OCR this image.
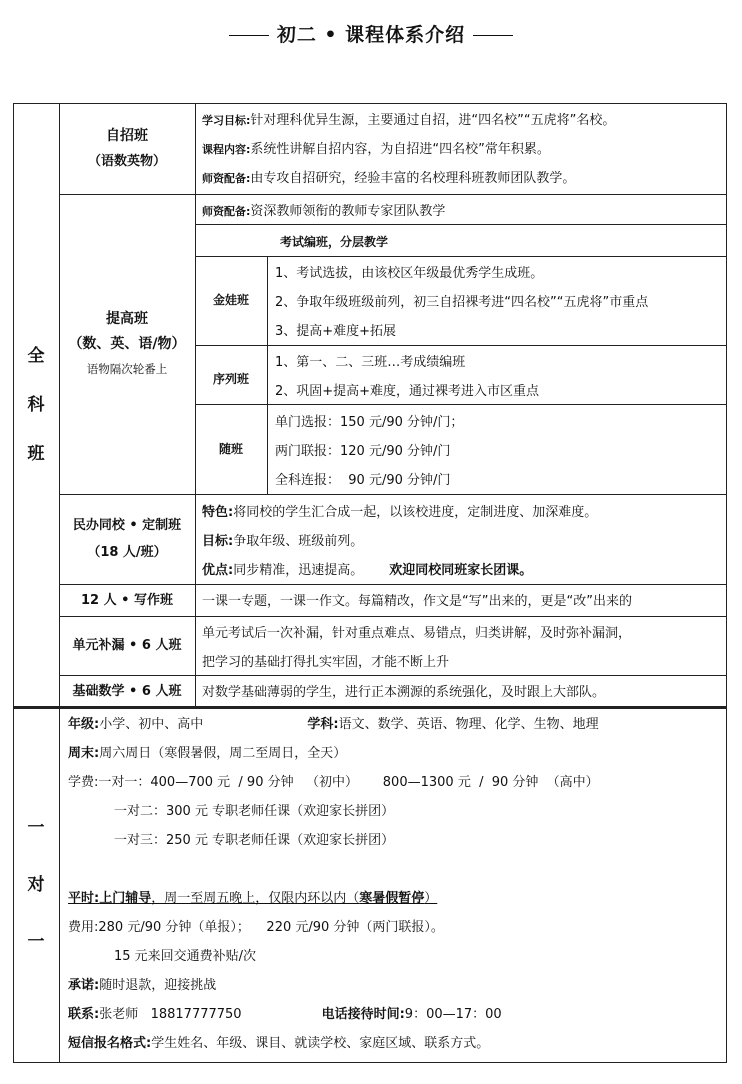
初二 • 课程体系介绍
全
科
班
自招班
（语数英物）
学习目标:针对理科优异生源，主要通过自招，进“四名校”“五虎将”名校。
课程内容:系统性讲解自招内容，为自招进“四名校”常年积累。
师资配备:由专攻自招研究，经验丰富的名校理科班教师团队教学。
提高班
（数、英、语/物）
语物隔次轮番上
师资配备:资深教师领衔的教师专家团队教学
考试编班，分层教学
金娃班
1、考试选拔，由该校区年级最优秀学生成班。
2、争取年级班级前列，初三自招裸考进“四名校”“五虎将”市重点
3、提高+难度+拓展
序列班
1、第一、二、三班…考成绩编班
2、巩固+提高+难度，通过裸考进入市区重点
随班
单门选报：150 元/90 分钟/门；
两门联报：120 元/90 分钟/门
全科连报：  90 元/90 分钟/门
民办同校 • 定制班
（18 人/班）
特色:将同校的学生汇合成一起，以该校进度，定制进度、加深难度。
目标:争取年级、班级前列。
优点:同步精准，迅速提高。 欢迎同校同班家长团课。
12 人 • 写作班 一课一专题，一课一作文。每篇精改，作文是“写”出来的，更是“改”出来的
单元补漏 • 6 人班
单元考试后一次补漏，针对重点难点、易错点，归类讲解，及时弥补漏洞，
把学习的基础打得扎实牢固，才能不断上升
基础数学 • 6 人班 对数学基础薄弱的学生，进行正本溯源的系统强化，及时跟上大部队。
一
对
一
年级:小学、初中、高中	学科:语文、数学、英语、物理、化学、生物、地理
周末:周六周日（寒假暑假，周二至周日，全天）
学费:一对一：400—700 元  / 90 分钟   （初中）      800—1300 元  /  90 分钟  （高中）
一对二：300 元 专职老师任课（欢迎家长拼团）
一对三：250 元 专职老师任课（欢迎家长拼团）
平时:上门辅导，周一至周五晚上，仅限内环以内（寒暑假暂停）
费用:280 元/90 分钟（单报）；    220 元/90 分钟（两门联报）。
15 元来回交通费补贴/次
承诺:随时退款，迎接挑战
联系:张老师   18817777750	电话接待时间:9：00—17：00
短信报名格式:学生姓名、年级、课目、就读学校、家庭区域、联系方式。
